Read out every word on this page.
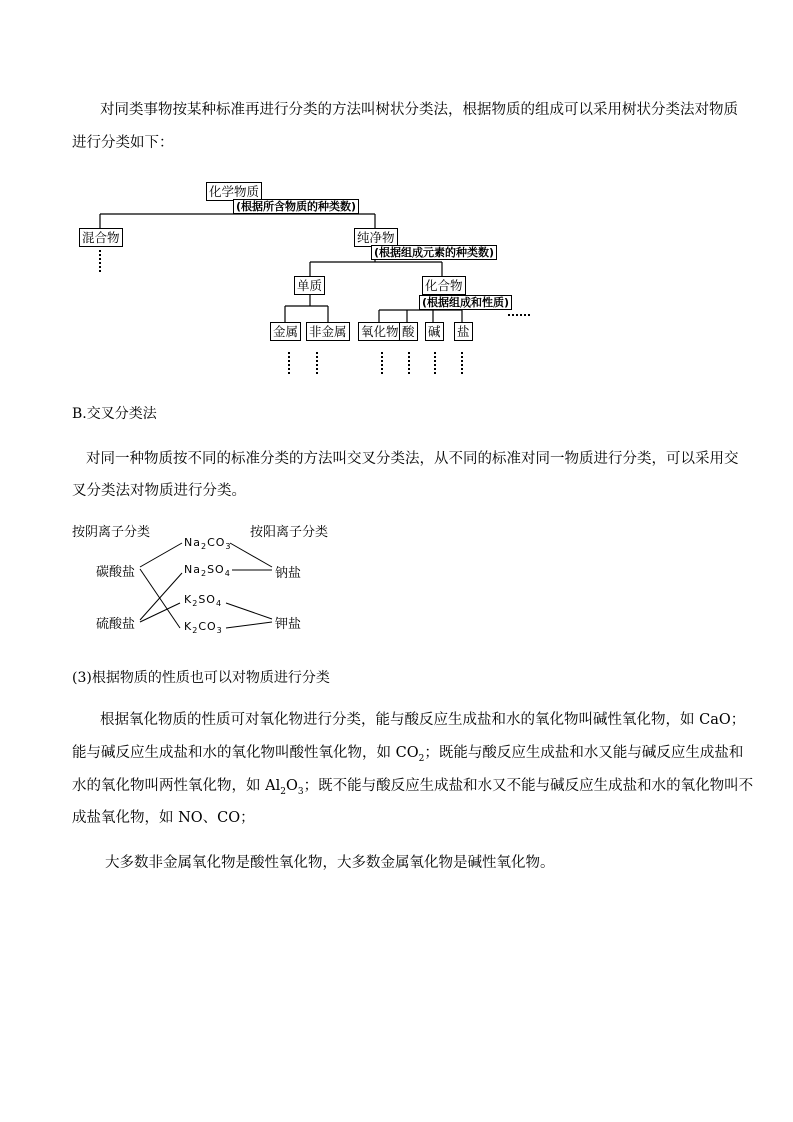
对同类事物按某种标准再进行分类的方法叫树状分类法，根据物质的组成可以采用树状分类法对物质
进行分类如下：
化学物质
(根据所含物质的种类数)
混合物	纯净物
(根据组成元素的种类数)
单质	化合物
(根据组成和性质)
金属 非金属 氧化物 酸 碱 盐
B.交叉分类法
对同一种物质按不同的标准分类的方法叫交叉分类法，从不同的标准对同一物质进行分类，可以采用交
叉分类法对物质进行分类。
按阴离子分类	按阳离子分类
碳酸盐
硫酸盐
钠盐
钾盐
$Na_2CO_3$
$Na_2SO_4$
$K_2SO_4$
$K_2CO_3$
(3)根据物质的性质也可以对物质进行分类
根据氧化物质的性质可对氧化物进行分类，能与酸反应生成盐和水的氧化物叫碱性氧化物，如 CaO；
能与碱反应生成盐和水的氧化物叫酸性氧化物，如 $CO_2$；既能与酸反应生成盐和水又能与碱反应生成盐和
水的氧化物叫两性氧化物，如 $Al_2O_3$；既不能与酸反应生成盐和水又不能与碱反应生成盐和水的氧化物叫不
成盐氧化物，如 NO、CO；
大多数非金属氧化物是酸性氧化物，大多数金属氧化物是碱性氧化物。
